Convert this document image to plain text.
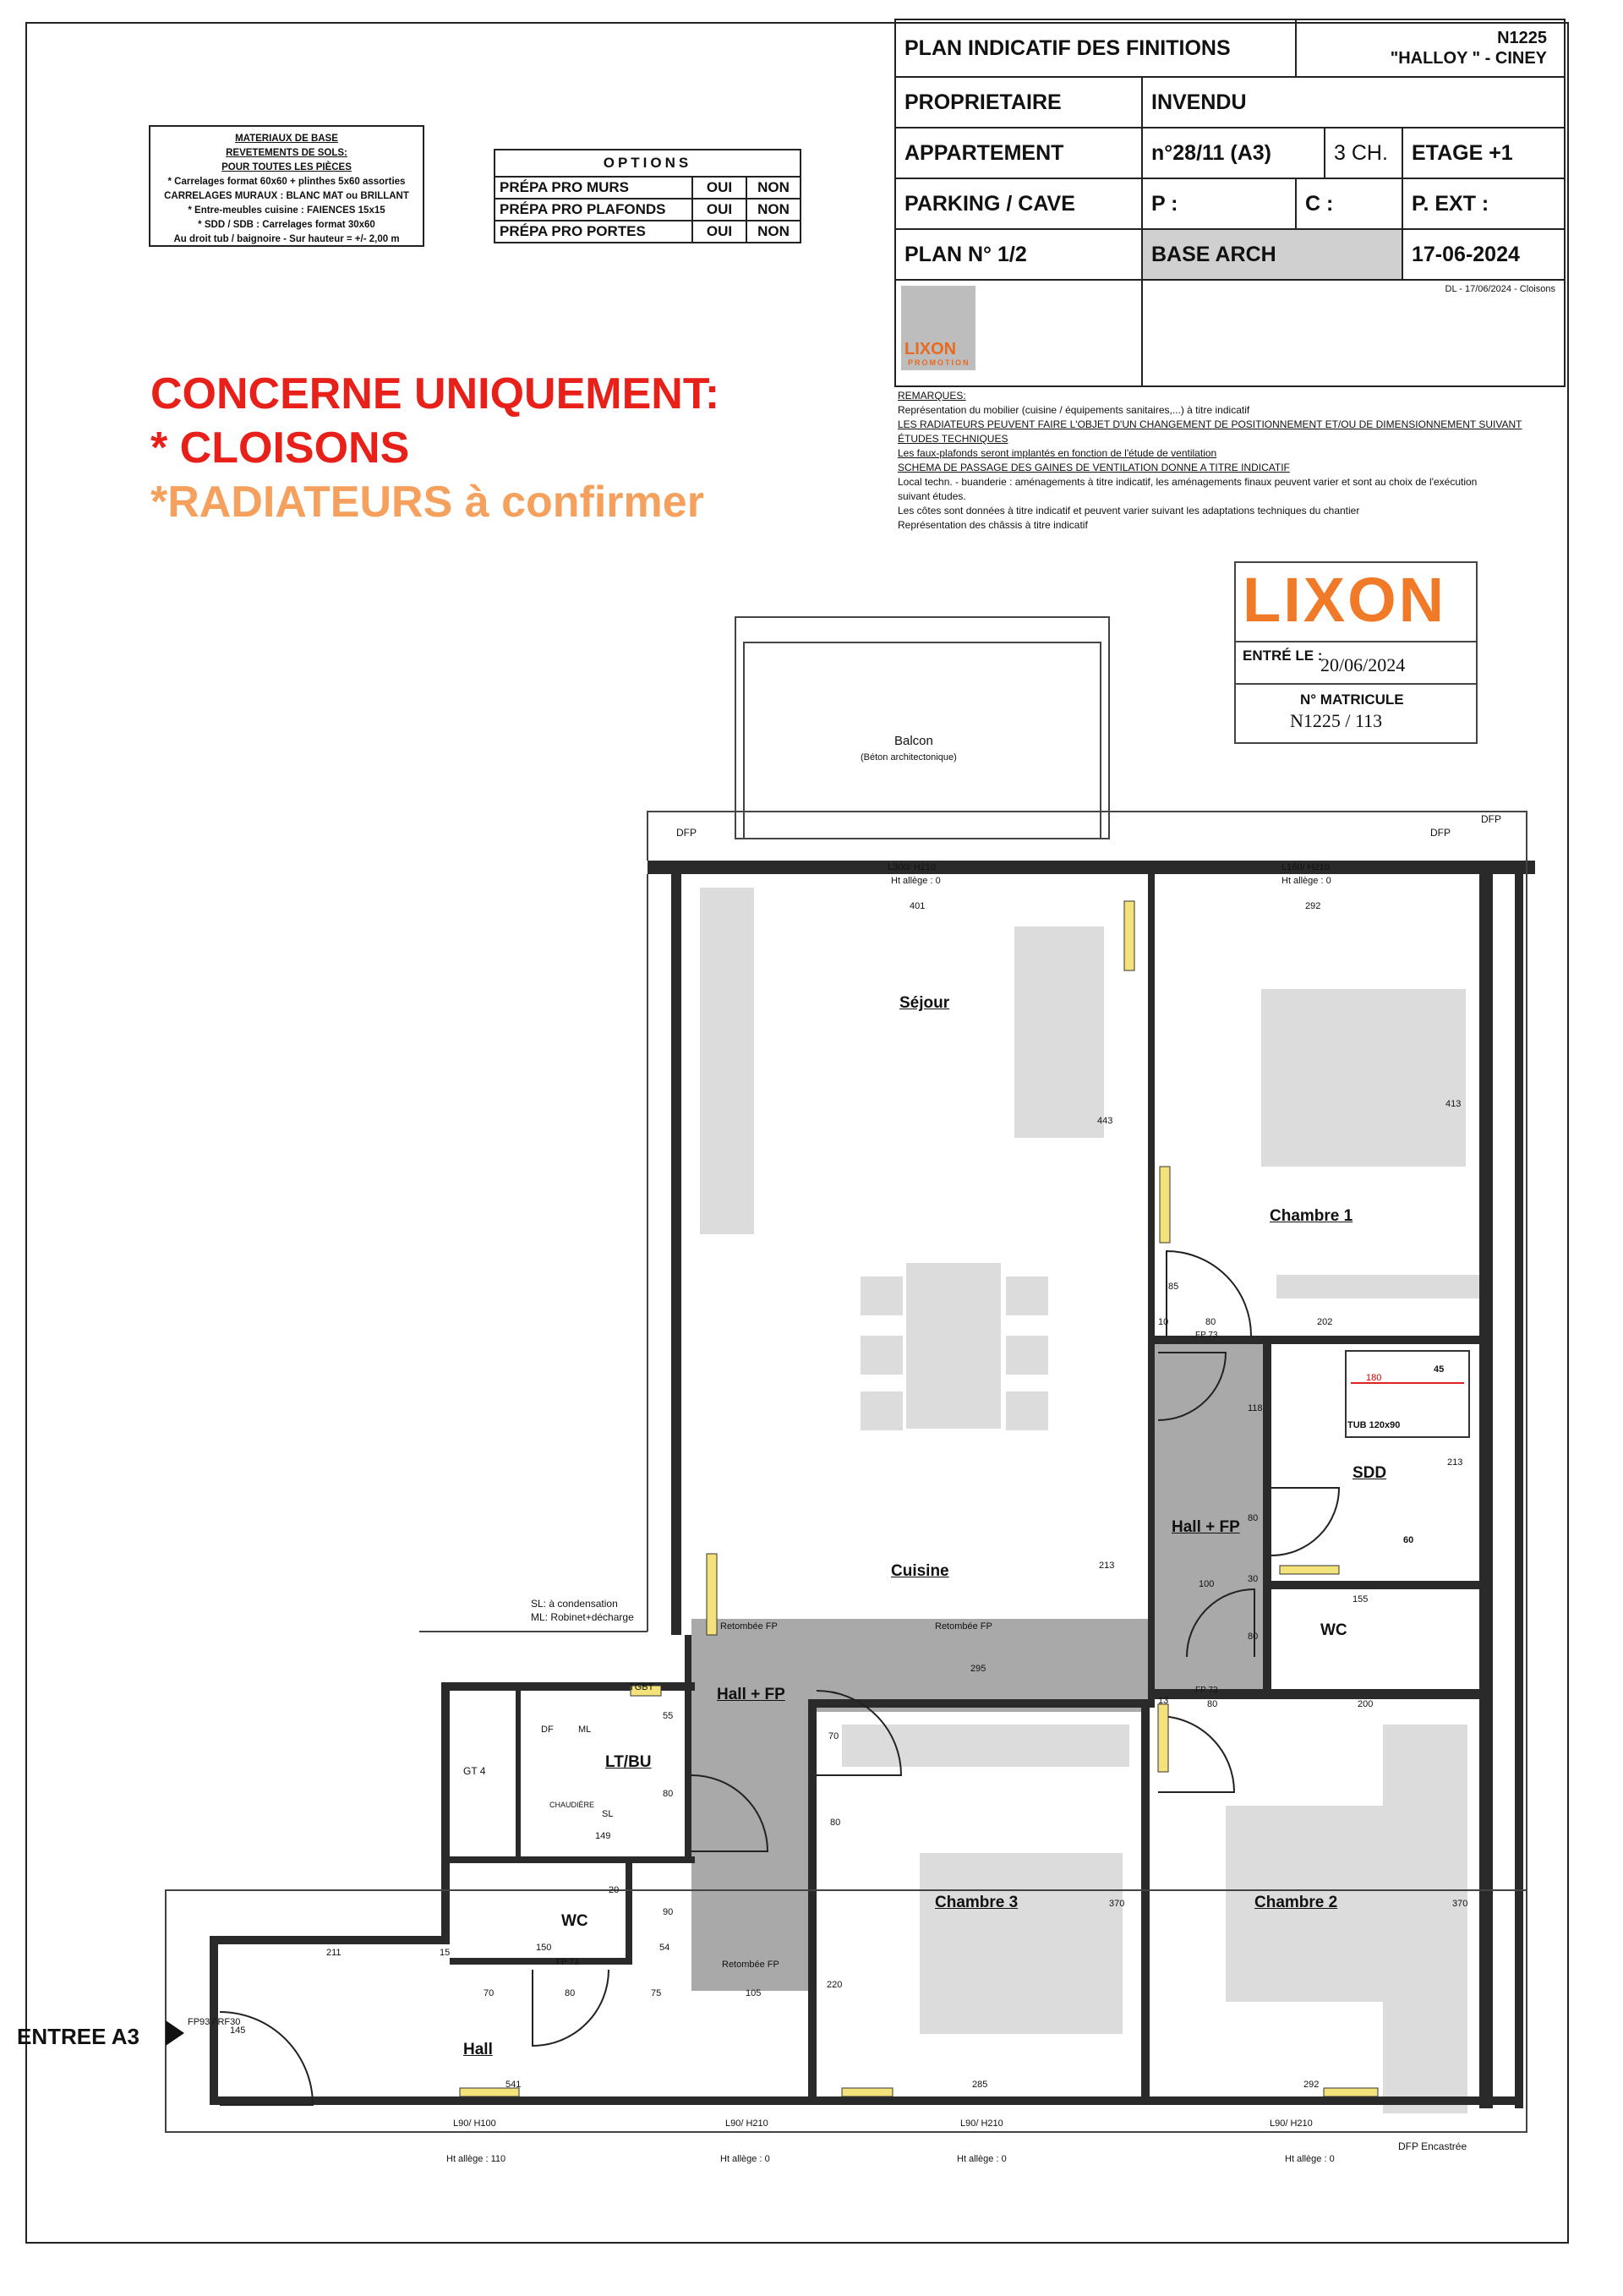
PLAN INDICATIF DES FINITIONS		N1225
"HALLOY " - CINEY		

PROPRIETAIRE	INVENDU			
APPARTEMENT	n°28/11 (A3)		3 CH.	ETAGE +1
PARKING / CAVE	P :	C :		P. EXT :
PLAN N° 1/2	BASE ARCH			17-06-2024

LIXON
PROMOTION	DL - 17/06/2024 - Cloisons			
MATERIAUX DE BASE
REVETEMENTS DE SOLS:
POUR TOUTES LES PIÈCES
* Carrelages format 60x60 + plinthes 5x60 assorties
CARRELAGES MURAUX : BLANC MAT ou BRILLANT
* Entre-meubles cuisine : FAIENCES 15x15
* SDD / SDB : Carrelages format 30x60
Au droit tub / baignoire - Sur hauteur = +/- 2,00 m
OPTIONS		
PRÉPA PRO MURS	OUI	NON
PRÉPA PRO PLAFONDS	OUI	NON
PRÉPA PRO PORTES	OUI	NON
CONCERNE UNIQUEMENT:
* CLOISONS
*RADIATEURS à confirmer
REMARQUES:
Représentation du mobilier (cuisine / équipements sanitaires,...) à titre indicatif
LES RADIATEURS PEUVENT FAIRE L'OBJET D'UN CHANGEMENT DE POSITIONNEMENT ET/OU DE DIMENSIONNEMENT SUIVANT
ÉTUDES TECHNIQUES
Les faux-plafonds seront implantés en fonction de l'étude de ventilation
SCHEMA DE PASSAGE DES GAINES DE VENTILATION DONNE A TITRE INDICATIF
Local techn. - buanderie : aménagements à titre indicatif, les aménagements finaux peuvent varier et sont au choix de l'exécution
suivant études.
Les côtes sont données à titre indicatif et peuvent varier suivant les adaptations techniques du chantier
Représentation des châssis à titre indicatif
LIXON
ENTRÉ LE :
20/06/2024
N° MATRICULE
N1225 / 113
Balcon
(Béton architectonique)
Séjour
Cuisine
Chambre 1
Chambre 2
Chambre 3
SDD
WC
WC
Hall + FP
Hall + FP
Hall
LT/BU
GT 4
ENTREE A3
SL: à condensation
ML: Robinet+décharge
DFP	DFP
DFP
DFP Encastrée
Retombée FP	Retombée FP
Retombée FP
TUB 120x90
TGBT
ML
SL
DF
CHAUDIÈRE
FP93 / RF30
L300/ H210
Ht allège : 0
L160/ H210
Ht allège : 0
L90/ H100
Ht allège : 110
L90/ H210
Ht allège : 0
L90/ H210
Ht allège : 0
L90/ H210
Ht allège : 0
401	292
443
413
85
80	202
10
180
45
118
213
80
30
100
60
155
80
213
295
80	200
70
80
370	370
220
285	292
211	15	150
70	80	75	105
145
541
149
20
54
90
55
80
13
FP 73
FP 73
FP 73
